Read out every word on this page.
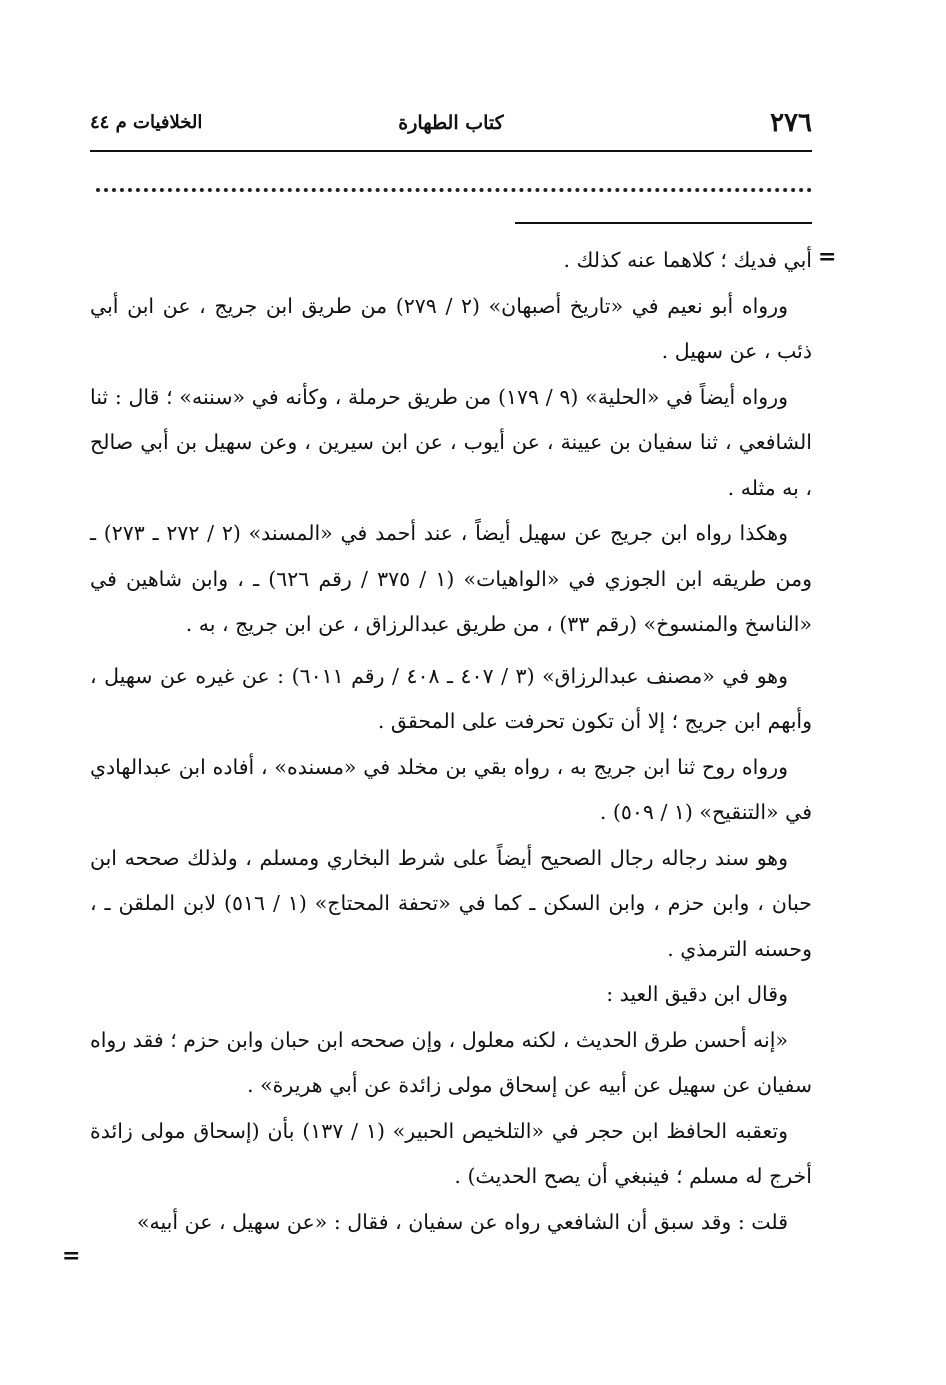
٢٧٦
كتاب الطهارة
الخلافيات م ٤٤
=
=

أبي فديك ؛ كلاهما عنه كذلك .

ورواه أبو نعيم في «تاريخ أصبهان» (٢ / ٢٧٩) من طريق ابن جريج ، عن ابن أبي ذئب ، عن سهيل .

ورواه أيضاً في «الحلية» (٩ / ١٧٩) من طريق حرملة ، وكأنه في «سننه» ؛ قال : ثنا الشافعي ، ثنا سفيان بن عيينة ، عن أيوب ، عن ابن سيرين ، وعن سهيل بن أبي صالح ، به مثله .

وهكذا رواه ابن جريج عن سهيل أيضاً ، عند أحمد في «المسند» (٢ / ٢٧٢ ـ ٢٧٣) ـ ومن طريقه ابن الجوزي في «الواهيات» (١ / ٣٧٥ / رقم ٦٢٦) ـ ، وابن شاهين في «الناسخ والمنسوخ» (رقم ٣٣) ، من طريق عبدالرزاق ، عن ابن جريج ، به .

وهو في «مصنف عبدالرزاق» (٣ / ٤٠٧ ـ ٤٠٨ / رقم ٦٠١١) : عن غيره عن سهيل ، وأبهم ابن جريج ؛ إلا أن تكون تحرفت على المحقق .

ورواه روح ثنا ابن جريج به ، رواه بقي بن مخلد في «مسنده» ، أفاده ابن عبدالهادي في «التنقيح» (١ / ٥٠٩) .

وهو سند رجاله رجال الصحيح أيضاً على شرط البخاري ومسلم ، ولذلك صححه ابن حبان ، وابن حزم ، وابن السكن ـ كما في «تحفة المحتاج» (١ / ٥١٦) لابن الملقن ـ ، وحسنه الترمذي .

وقال ابن دقيق العيد :

«إنه أحسن طرق الحديث ، لكنه معلول ، وإن صححه ابن حبان وابن حزم ؛ فقد رواه سفيان عن سهيل عن أبيه عن إسحاق مولى زائدة عن أبي هريرة» .

وتعقبه الحافظ ابن حجر في «التلخيص الحبير» (١ / ١٣٧) بأن (إسحاق مولى زائدة أخرج له مسلم ؛ فينبغي أن يصح الحديث) .

قلت : وقد سبق أن الشافعي رواه عن سفيان ، فقال : «عن سهيل ، عن أبيه»
